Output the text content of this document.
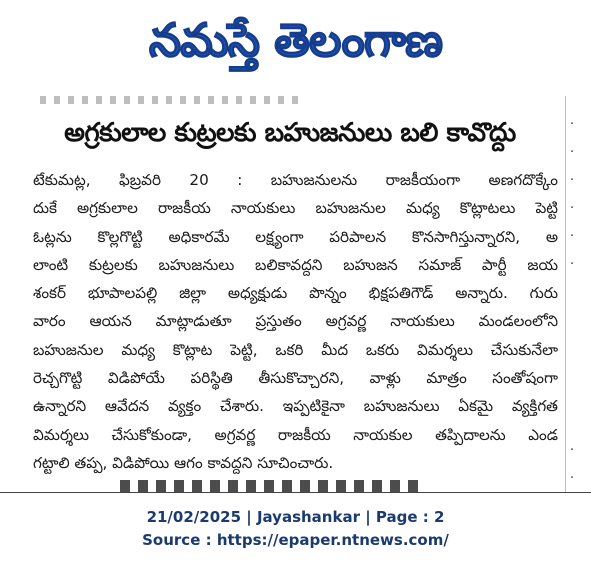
నమస్తే తెలంగాణ
అగ్రకులాల కుట్రలకు బహుజనులు బలి కావొద్దు
టేకుమట్ల, ఫిబ్రవరి 20 : బహుజనులను రాజకీయంగా అణగదొక్కేం
దుకే అగ్రకులాల రాజకీయ నాయకులు బహుజనుల మధ్య కొట్లాటలు పెట్టి
ఓట్లను కొల్లగొట్టి అధికారమే లక్ష్యంగా పరిపాలన కొనసాగిస్తున్నారని, అ
లాంటి కుట్రలకు బహుజనులు బలికావద్దని బహుజన సమాజ్ పార్టీ జయ
శంకర్ భూపాలపల్లి జిల్లా అధ్యక్షుడు పొన్నం భిక్షపతిగౌడ్ అన్నారు. గురు
వారం ఆయన మాట్లాడుతూ ప్రస్తుతం అగ్రవర్ణ నాయకులు మండలంలోని
బహుజనుల మధ్య కొట్లాట పెట్టి, ఒకరి మీద ఒకరు విమర్శలు చేసుకునేలా
రెచ్చగొట్టి విడిపోయే పరిస్థితి తీసుకొచ్చారని, వాళ్లు మాత్రం సంతోషంగా
ఉన్నారని ఆవేదన వ్యక్తం చేశారు. ఇప్పటికైనా బహుజనులు ఏకమై వ్యక్తిగత
విమర్శలు చేసుకోకుండా, అగ్రవర్ణ రాజకీయ నాయకుల తప్పిదాలను ఎండ
గట్టాలి తప్ప, విడిపోయి ఆగం కావద్దని సూచించారు.
·
·
·
·
·
·
·
·
21/02/2025 | Jayashankar | Page : 2
Source : https://epaper.ntnews.com/
